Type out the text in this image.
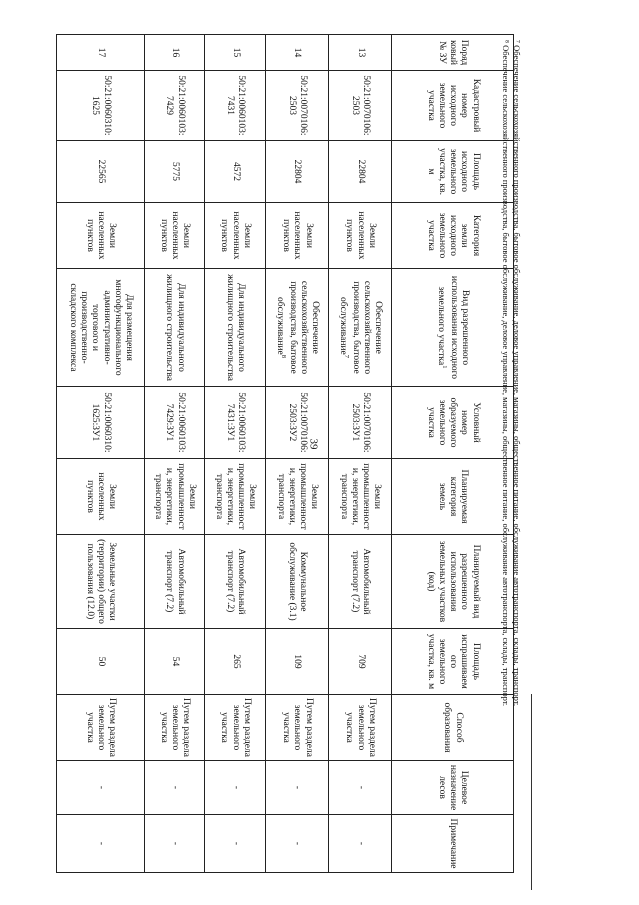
39
Порядковый № ЗУ	Кадастровый номер исходного земельного участка	Площадь исходного земельного участка, кв. м	Категория земли исходного земельного участка	Вид разрешенного использования исходного земельного участка$^1$	Условный номер образуемого земельного участка	Планируемая категория земель	Планируемый вид разрешенного использования земельных участков (код)	Площадь испрашиваемого земельного участка, кв. м	Способ образования	Целевое назначение лесов	Примечание
13	50:21:0070106: 2503	22804	Земли населенных пунктов	Обеспечение сельскохозяйственного производства, бытовое обслуживание$^7$	50:21:0070106: 2503:ЗУ1	Земли промышленности, энергетики, транспорта	Автомобильный транспорт (7.2)	709	Путем раздела земельного участка	-	-
14	50:21:0070106: 2503	22804	Земли населенных пунктов	Обеспечение сельскохозяйственного производства, бытовое обслуживание$^8$	50:21:0070106: 2503:ЗУ2	Земли промышленности, энергетики, транспорта	Коммунальное обслуживание (3.1)	109	Путем раздела земельного участка	-	-
15	50:21:0060103: 7431	4572	Земли населенных пунктов	Для индивидуального жилищного строительства	50:21:0060103: 7431:ЗУ1	Земли промышленности, энергетики, транспорта	Автомобильный транспорт (7.2)	265	Путем раздела земельного участка	-	-
16	50:21:0060103: 7429	5775	Земли населенных пунктов	Для индивидуального жилищного строительства	50:21:0060103: 7429:ЗУ1	Земли промышленности, энергетики, транспорта	Автомобильный транспорт (7.2)	54	Путем раздела земельного участка	-	-
17	50:21:0060310: 1625	22565	Земли населенных пунктов	Для размещения многофункционального административно-торгового и производственно-складского комплекса	50:21:0060310: 1625:ЗУ1	Земли населенных пунктов	Земельные участки (территории) общего пользования (12.0)	50	Путем раздела земельного участка	-	-

⁷ Обеспечение сельскохозяйственного производства, бытовое обслуживание, деловое управление, магазины, общественное питание, обслуживание автотранспорта, склады, транспорт.

⁸ Обеспечение сельскохозяйственного производства, бытовое обслуживание, деловое управление, магазины, общественное питание, обслуживание автотранспорта, склады, транспорт.
